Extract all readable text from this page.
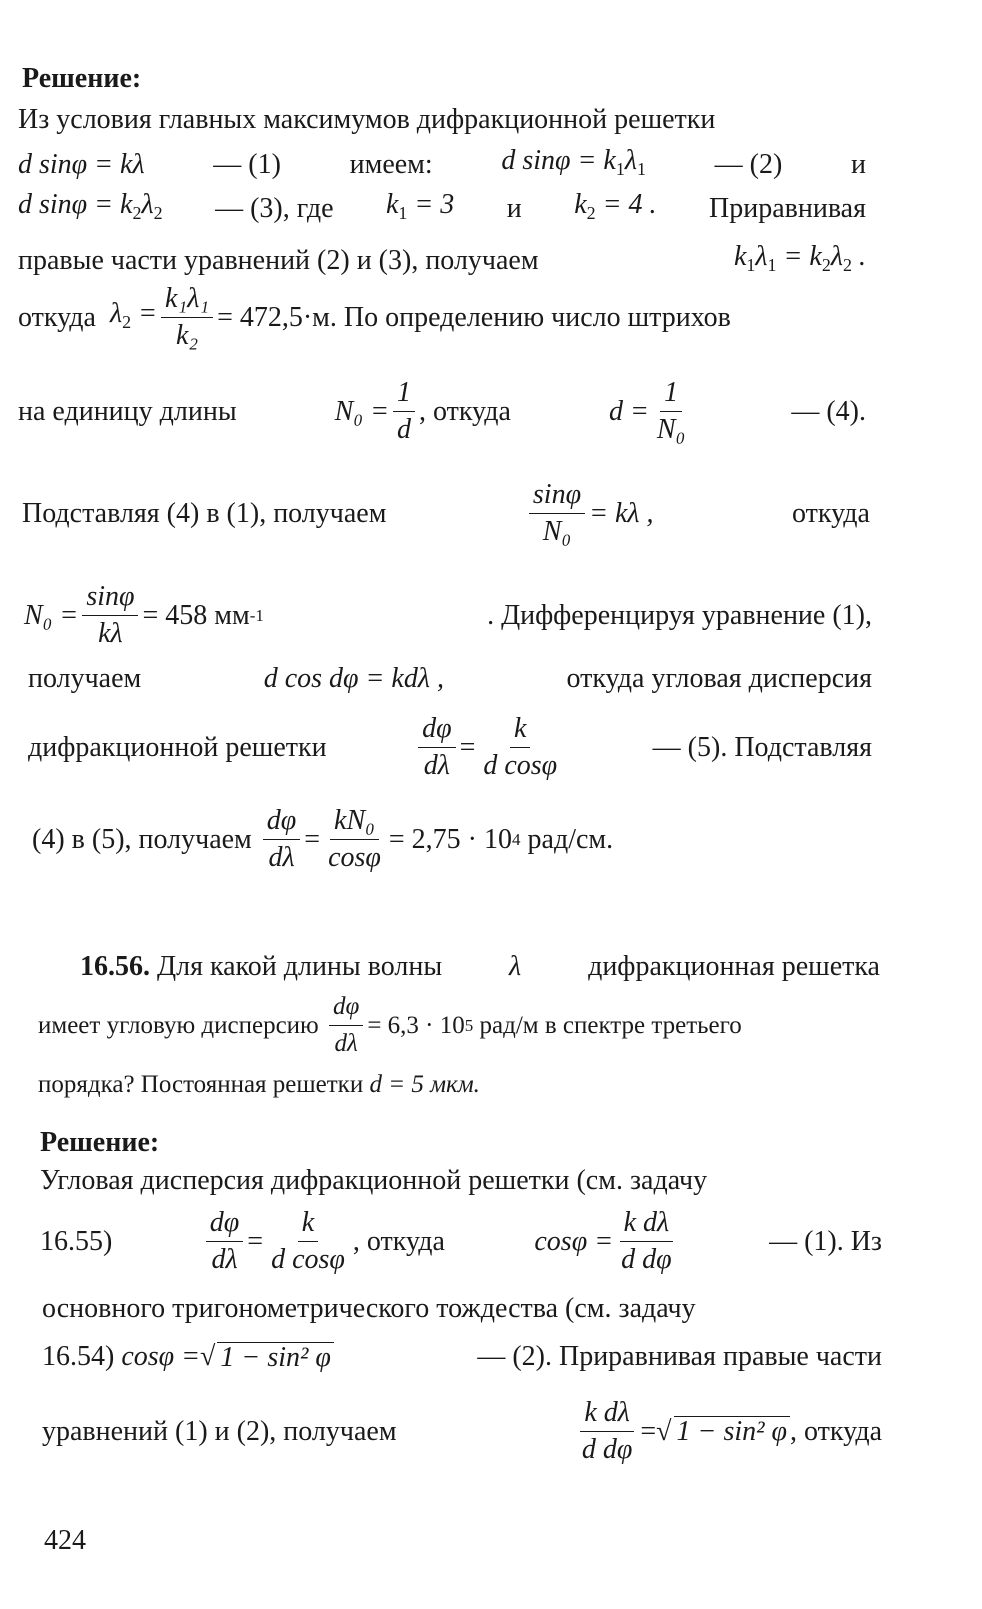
Решение:
Из условия главных максимумов дифракционной решетки
d sinφ = kλ — (1) имеем: d $\sin\varphi = k_1\lambda_1$ — (2) и
d $\sin\varphi = k_2\lambda_2$ — (3), где $k_1 = 3$ и $k_2 = 4$ . Приравнивая
правые части уравнений (2) и (3), получаем	$k_1\lambda_1 = k_2\lambda_2$ .
откуда
$\lambda_2 = \frac{\text{k₁λ₁}}{\text{k₂}} = 472,5\cdot м$. По определению число штрихов
на единицу длины	$N_0 = \frac{1}{d}$ , откуда	$d = \frac{1}{\text{N₀}}$	— (4).
Подставляя (4) в (1), получаем	$\frac{\sin\varphi}{\text{N₀}} = k\lambda$ ,	откуда
$N_0 = \frac{\sin\varphi}{k\lambda} = 458$ мм -1	. Дифференцируя уравнение (1),
получаем	d cos dφ = kdλ ,	откуда угловая дисперсия
дифракционной решетки	$\frac{d\varphi}{d\lambda} = \frac{k}{\text{d cosφ}}$	— (5). Подставляя
(4) в (5), получаем
$\frac{d\varphi}{d\lambda} = \frac{\text{kN₀}}{\cos\varphi} = 2,75 \cdot 10$ 4
рад/см.
16.56. Для какой длины волны λ дифракционная решетка
имеет угловую дисперсию
$\frac{d\varphi}{d\lambda} = 6,3 \cdot 10$ 5
рад/м в спектре третьего
порядка? Постоянная решетки d = 5 мкм.
Решение:
Угловая дисперсия дифракционной решетки (см. задачу
16.55)	$\frac{d\varphi}{d\lambda} = \frac{k}{\text{d cosφ}}$ , откуда	$\cos\varphi = \frac{\text{k dλ}}{\text{d dφ}}$	— (1). Из
основного тригонометрического тождества (см. задачу
16.54)
cosφ = √ 1 − sin² φ	— (2). Приравнивая правые части
уравнений (1) и (2), получаем	$\frac{\text{k dλ}}{\text{d dφ}}$ = √ 1 − sin² φ , откуда
424
